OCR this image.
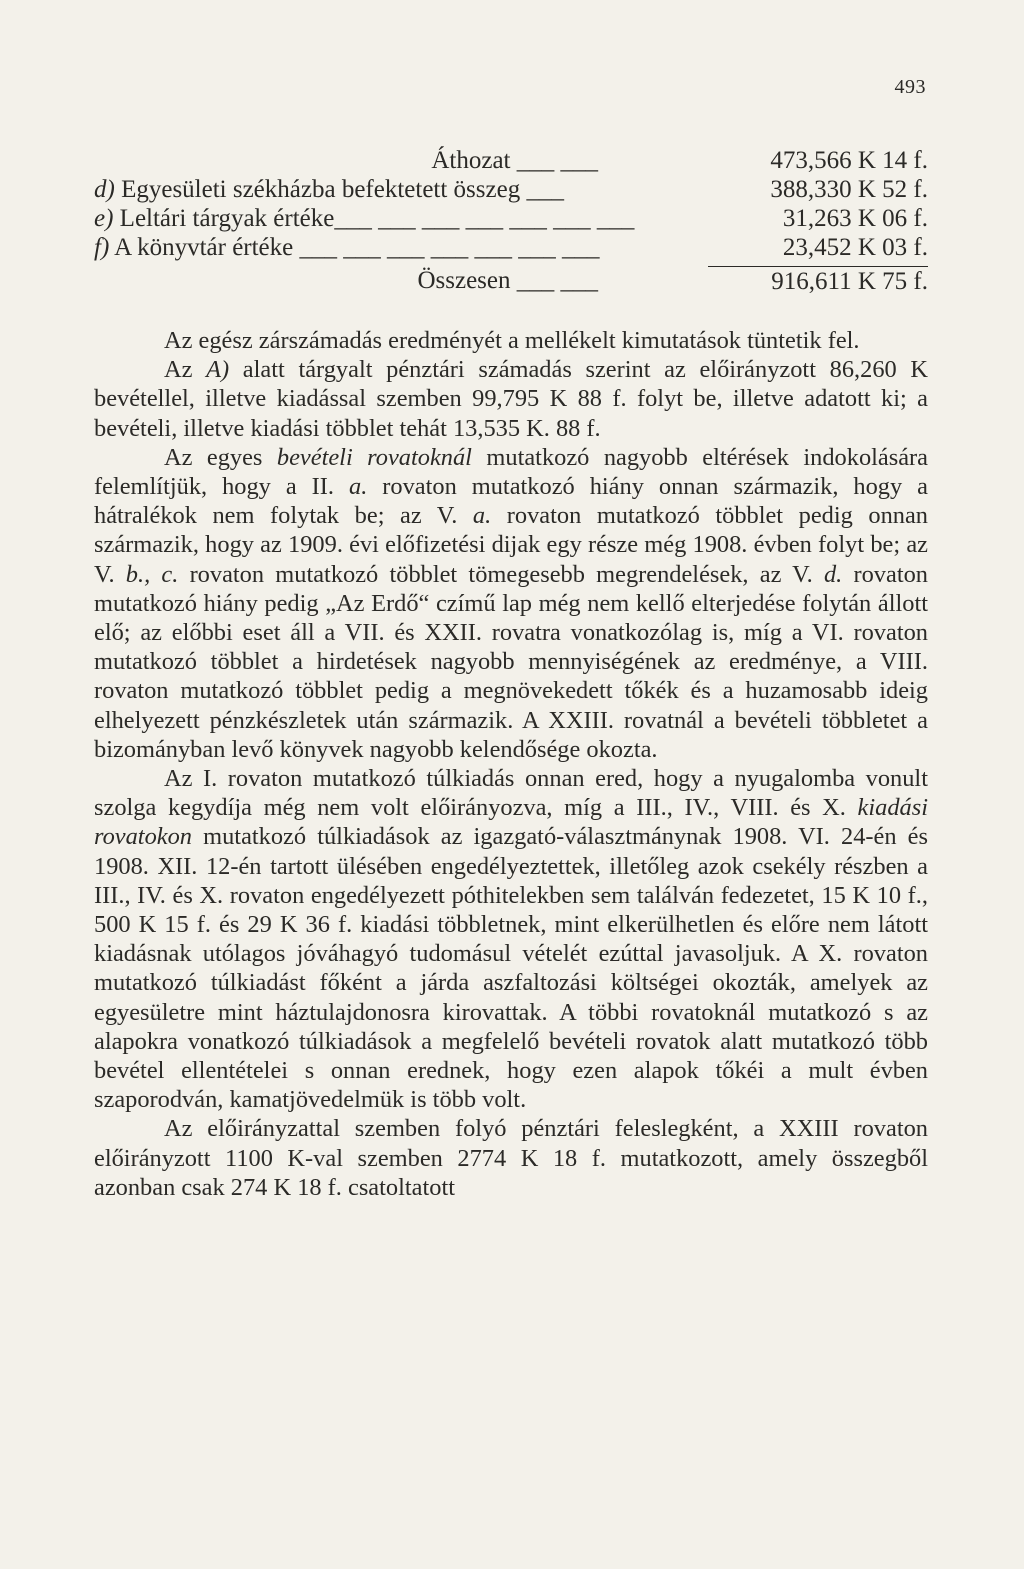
493
Áthozat ___ ___	473,566 K 14 f.
d) Egyesületi székházba befektetett összeg ___	388,330 K 52 f.
e) Leltári tárgyak értéke___ ___ ___ ___ ___ ___ ___	31,263 K 06 f.
f) A könyvtár értéke ___ ___ ___ ___ ___ ___ ___	23,452 K 03 f.
Összesen ___ ___	916,611 K 75 f.

Az egész zárszámadás eredményét a mellékelt kimutatások tüntetik fel.

Az A) alatt tárgyalt pénztári számadás szerint az előirányzott 86,260 K bevétellel, illetve kiadással szemben 99,795 K 88 f. folyt be, illetve adatott ki; a bevételi, illetve kiadási többlet tehát 13,535 K. 88 f.

Az egyes bevételi rovatoknál mutatkozó nagyobb eltérések indokolására felemlítjük, hogy a II. a. rovaton mutatkozó hiány onnan származik, hogy a hátralékok nem folytak be; az V. a. rovaton mutatkozó többlet pedig onnan származik, hogy az 1909. évi előfizetési dijak egy része még 1908. évben folyt be; az V. b., c. rovaton mutatkozó többlet tömegesebb megrendelések, az V. d. rovaton mutatkozó hiány pedig „Az Erdő“ czímű lap még nem kellő elterjedése folytán állott elő; az előbbi eset áll a VII. és XXII. rovatra vonatkozólag is, míg a VI. rovaton mutatkozó többlet a hirdetések nagyobb mennyiségének az eredménye, a VIII. rovaton mutatkozó többlet pedig a megnövekedett tőkék és a huzamosabb ideig elhelyezett pénzkészletek után származik. A XXIII. rovatnál a bevételi többletet a bizományban levő könyvek nagyobb kelendősége okozta.

Az I. rovaton mutatkozó túlkiadás onnan ered, hogy a nyugalomba vonult szolga kegydíja még nem volt előirányozva, míg a III., IV., VIII. és X. kiadási rovatokon mutatkozó túlkiadások az igazgató-választmánynak 1908. VI. 24-én és 1908. XII. 12-én tartott ülésében engedélyeztettek, illetőleg azok csekély részben a III., IV. és X. rovaton engedélyezett póthitelekben sem találván fedezetet, 15 K 10 f., 500 K 15 f. és 29 K 36 f. kiadási többletnek, mint elkerülhetlen és előre nem látott kiadásnak utólagos jóváhagyó tudomásul vételét ezúttal javasoljuk. A X. rovaton mutatkozó túlkiadást főként a járda aszfaltozási költségei okozták, amelyek az egyesületre mint háztulajdonosra kirovattak. A többi rovatoknál mutatkozó s az alapokra vonatkozó túlkiadások a megfelelő bevételi rovatok alatt mutatkozó több bevétel ellentételei s onnan erednek, hogy ezen alapok tőkéi a mult évben szaporodván, kamatjövedelmük is több volt.

Az előirányzattal szemben folyó pénztári feleslegként, a XXIII rovaton előirányzott 1100 K-val szemben 2774 K 18 f. mutatkozott, amely összegből azonban csak 274 K 18 f. csatoltatott
